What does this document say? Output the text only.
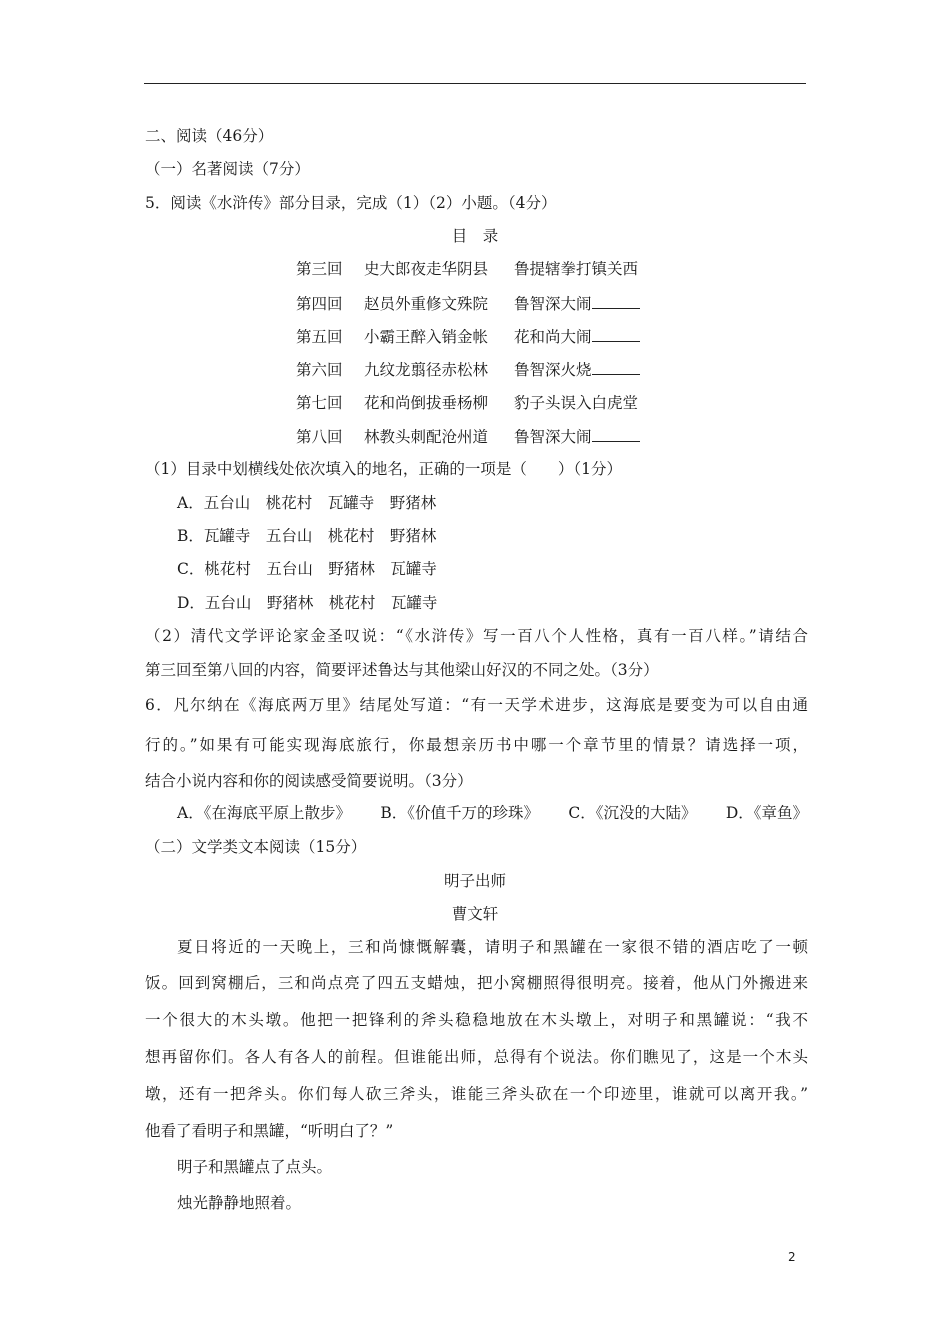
二、阅读（46分）
（一）名著阅读（7分）
5．阅读《水浒传》部分目录，完成（1）（2）小题。（4分）
目　录
第三回 史大郎夜走华阴县 鲁提辖拳打镇关西
第四回 赵员外重修文殊院 鲁智深大闹
第五回 小霸王醉入销金帐 花和尚大闹
第六回 九纹龙翦径赤松林 鲁智深火烧
第七回 花和尚倒拔垂杨柳 豹子头误入白虎堂
第八回 林教头刺配沧州道 鲁智深大闹
（1）目录中划横线处依次填入的地名，正确的一项是（　　）（1分）
A．五台山　桃花村　瓦罐寺　野猪林
B．瓦罐寺　五台山　桃花村　野猪林
C．桃花村　五台山　野猪林　瓦罐寺
D．五台山　野猪林　桃花村　瓦罐寺
（2）清代文学评论家金圣叹说：“《水浒传》写一百八个人性格，真有一百八样。”请结合
第三回至第八回的内容，简要评述鲁达与其他梁山好汉的不同之处。（3分）
6．凡尔纳在《海底两万里》结尾处写道：“有一天学术进步，这海底是要变为可以自由通
行的。”如果有可能实现海底旅行，你最想亲历书中哪一个章节里的情景？请选择一项，
结合小说内容和你的阅读感受简要说明。（3分）
A．《在海底平原上散步》 B．《价值千万的珍珠》 C．《沉没的大陆》 D．《章鱼》
（二）文学类文本阅读（15分）
明子出师
曹文轩
夏日将近的一天晚上，三和尚慷慨解囊，请明子和黑罐在一家很不错的酒店吃了一顿
饭。回到窝棚后，三和尚点亮了四五支蜡烛，把小窝棚照得很明亮。接着，他从门外搬进来
一个很大的木头墩。他把一把锋利的斧头稳稳地放在木头墩上，对明子和黑罐说：“我不
想再留你们。各人有各人的前程。但谁能出师，总得有个说法。你们瞧见了，这是一个木头
墩，还有一把斧头。你们每人砍三斧头，谁能三斧头砍在一个印迹里，谁就可以离开我。”
他看了看明子和黑罐，“听明白了？”
明子和黑罐点了点头。
烛光静静地照着。
2
